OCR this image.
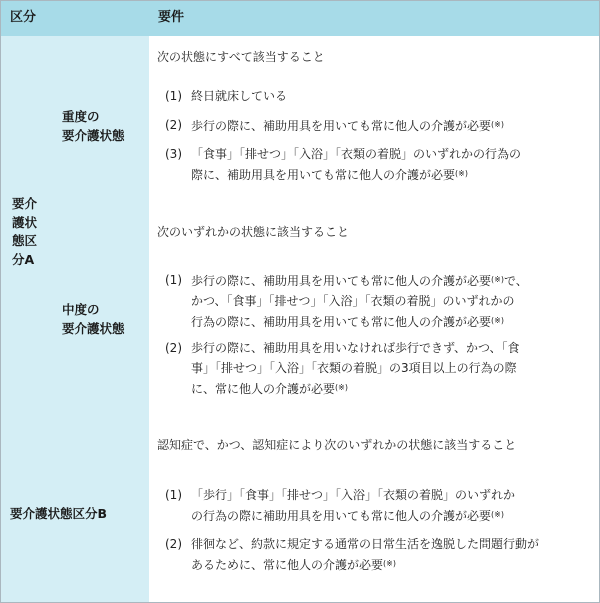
区分	要件
要介
護状
態区
分A
重度の
要介護状態
中度の
要介護状態
要介護状態区分B
次の状態にすべて該当すること
(1) 終日就床している
(2) 歩行の際に、補助用具を用いても常に他人の介護が必要(※)
(3) 「食事」「排せつ」「入浴」「衣類の着脱」のいずれかの行為の
際に、補助用具を用いても常に他人の介護が必要(※)
次のいずれかの状態に該当すること
(1) 歩行の際に、補助用具を用いても常に他人の介護が必要(※)で、
かつ、「食事」「排せつ」「入浴」「衣類の着脱」のいずれかの
行為の際に、補助用具を用いても常に他人の介護が必要(※)
(2) 歩行の際に、補助用具を用いなければ歩行できず、かつ、「食
事」「排せつ」「入浴」「衣類の着脱」の3項目以上の行為の際
に、常に他人の介護が必要(※)
認知症で、かつ、認知症により次のいずれかの状態に該当すること
(1) 「歩行」「食事」「排せつ」「入浴」「衣類の着脱」のいずれか
の行為の際に補助用具を用いても常に他人の介護が必要(※)
(2) 徘徊など、約款に規定する通常の日常生活を逸脱した問題行動が
あるために、常に他人の介護が必要(※)
